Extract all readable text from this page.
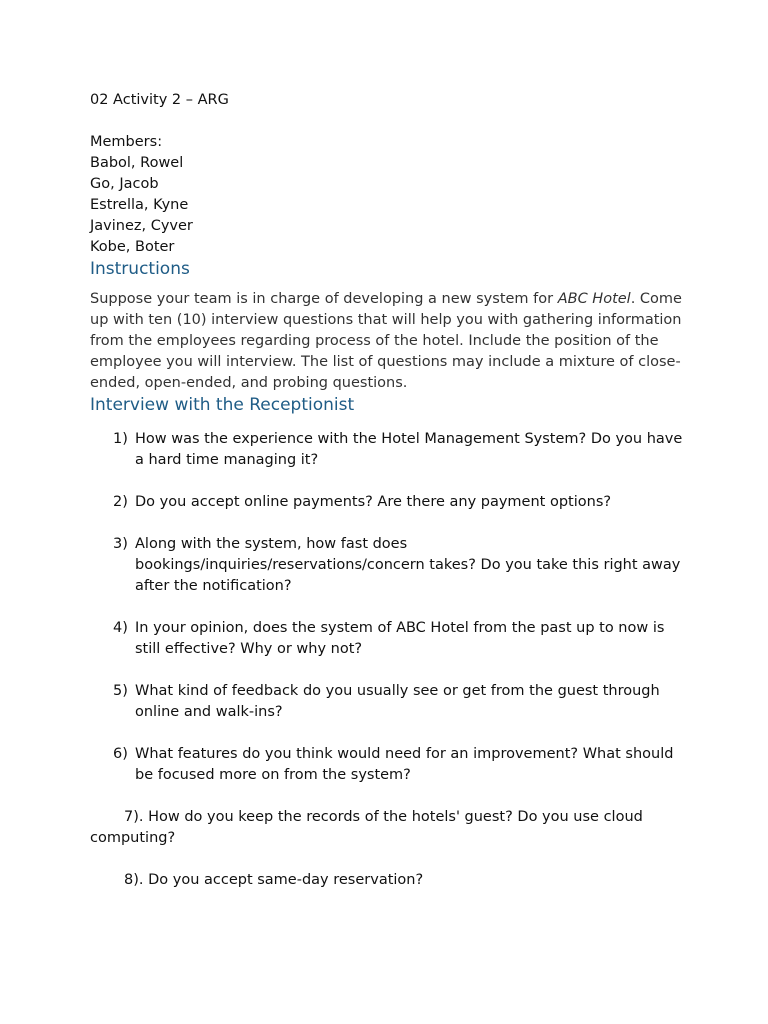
02 Activity 2 – ARG

Members:
Babol, Rowel
Go, Jacob
Estrella, Kyne
Javinez, Cyver
Kobe, Boter
Instructions

Suppose your team is in charge of developing a new system for ABC Hotel. Come up with ten (10) interview questions that will help you with gathering information from the employees regarding process of the hotel. Include the position of the employee you will interview. The list of questions may include a mixture of close-ended, open-ended, and probing questions.

Interview with the Receptionist
1) How was the experience with the Hotel Management System? Do you have a hard time managing it?
2) Do you accept online payments? Are there any payment options?
3) Along with the system, how fast does bookings/inquiries/reservations/concern takes? Do you take this right away after the notification?
4) In your opinion, does the system of ABC Hotel from the past up to now is still effective? Why or why not?
5) What kind of feedback do you usually see or get from the guest through online and walk-ins?
6) What features do you think would need for an improvement? What should be focused more on from the system?
7). How do you keep the records of the hotels' guest? Do you use cloud computing?
8). Do you accept same-day reservation?
